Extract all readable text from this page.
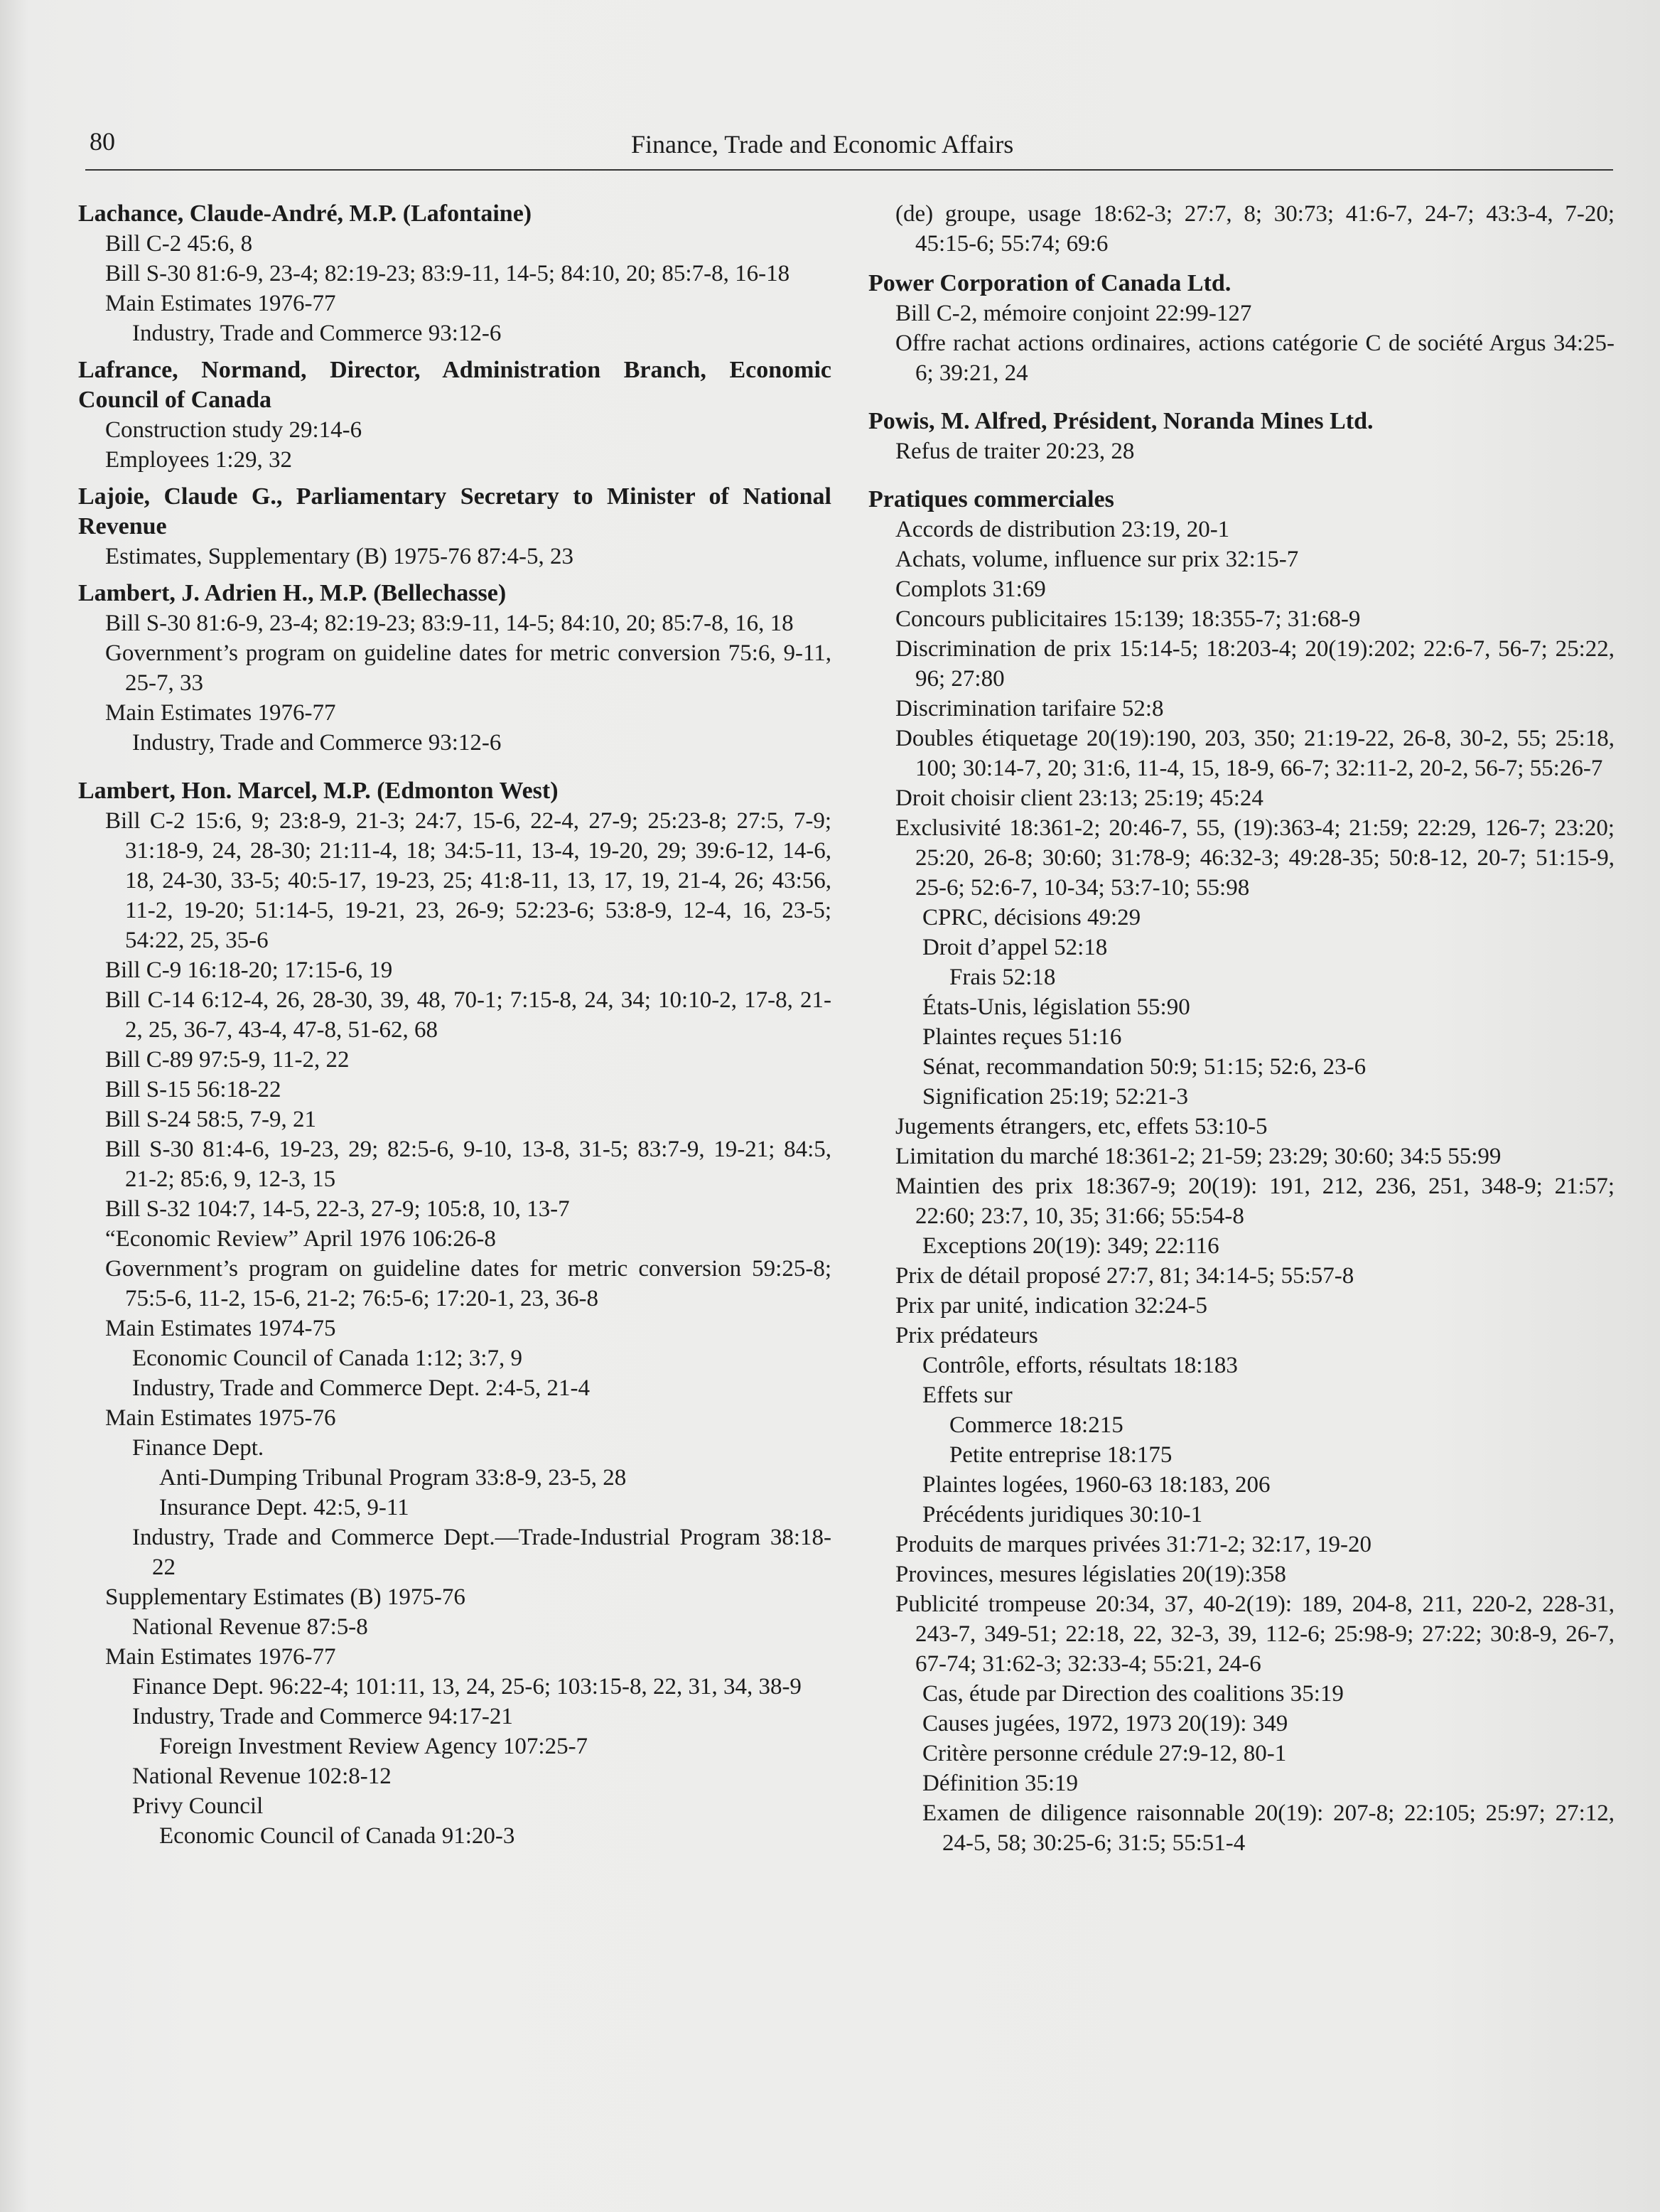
80	Finance, Trade and Economic Affairs
Lachance, Claude-André, M.P. (Lafontaine)
Bill C-2 45:6, 8
Bill S-30 81:6-9, 23-4; 82:19-23; 83:9-11, 14-5; 84:10, 20; 85:7-8, 16-18
Main Estimates 1976-77
Industry, Trade and Commerce 93:12-6
Lafrance, Normand, Director, Administration Branch, Economic Council of Canada
Construction study 29:14-6
Employees 1:29, 32
Lajoie, Claude G., Parliamentary Secretary to Minister of National Revenue
Estimates, Supplementary (B) 1975-76 87:4-5, 23
Lambert, J. Adrien H., M.P. (Bellechasse)
Bill S-30 81:6-9, 23-4; 82:19-23; 83:9-11, 14-5; 84:10, 20; 85:7-8, 16, 18
Government’s program on guideline dates for metric conversion 75:6, 9-11, 25-7, 33
Main Estimates 1976-77
Industry, Trade and Commerce 93:12-6
Lambert, Hon. Marcel, M.P. (Edmonton West)
Bill C-2 15:6, 9; 23:8-9, 21-3; 24:7, 15-6, 22-4, 27-9; 25:23-8; 27:5, 7-9; 31:18-9, 24, 28-30; 21:11-4, 18; 34:5-11, 13-4, 19-20, 29; 39:6-12, 14-6, 18, 24-30, 33-5; 40:5-17, 19-23, 25; 41:8-11, 13, 17, 19, 21-4, 26; 43:56, 11-2, 19-20; 51:14-5, 19-21, 23, 26-9; 52:23-6; 53:8-9, 12-4, 16, 23-5; 54:22, 25, 35-6
Bill C-9 16:18-20; 17:15-6, 19
Bill C-14 6:12-4, 26, 28-30, 39, 48, 70-1; 7:15-8, 24, 34; 10:10-2, 17-8, 21-2, 25, 36-7, 43-4, 47-8, 51-62, 68
Bill C-89 97:5-9, 11-2, 22
Bill S-15 56:18-22
Bill S-24 58:5, 7-9, 21
Bill S-30 81:4-6, 19-23, 29; 82:5-6, 9-10, 13-8, 31-5; 83:7-9, 19-21; 84:5, 21-2; 85:6, 9, 12-3, 15
Bill S-32 104:7, 14-5, 22-3, 27-9; 105:8, 10, 13-7
“Economic Review” April 1976 106:26-8
Government’s program on guideline dates for metric conversion 59:25-8; 75:5-6, 11-2, 15-6, 21-2; 76:5-6; 17:20-1, 23, 36-8
Main Estimates 1974-75
Economic Council of Canada 1:12; 3:7, 9
Industry, Trade and Commerce Dept. 2:4-5, 21-4
Main Estimates 1975-76
Finance Dept.
Anti-Dumping Tribunal Program 33:8-9, 23-5, 28
Insurance Dept. 42:5, 9-11
Industry, Trade and Commerce Dept.—Trade-Industrial Program 38:18-22
Supplementary Estimates (B) 1975-76
National Revenue 87:5-8
Main Estimates 1976-77
Finance Dept. 96:22-4; 101:11, 13, 24, 25-6; 103:15-8, 22, 31, 34, 38-9
Industry, Trade and Commerce 94:17-21
Foreign Investment Review Agency 107:25-7
National Revenue 102:8-12
Privy Council
Economic Council of Canada 91:20-3
(de) groupe, usage 18:62-3; 27:7, 8; 30:73; 41:6-7, 24-7; 43:3-4, 7-20; 45:15-6; 55:74; 69:6
Power Corporation of Canada Ltd.
Bill C-2, mémoire conjoint 22:99-127
Offre rachat actions ordinaires, actions catégorie C de société Argus 34:25-6; 39:21, 24
Powis, M. Alfred, Président, Noranda Mines Ltd.
Refus de traiter 20:23, 28
Pratiques commerciales
Accords de distribution 23:19, 20-1
Achats, volume, influence sur prix 32:15-7
Complots 31:69
Concours publicitaires 15:139; 18:355-7; 31:68-9
Discrimination de prix 15:14-5; 18:203-4; 20(19):202; 22:6-7, 56-7; 25:22, 96; 27:80
Discrimination tarifaire 52:8
Doubles étiquetage 20(19):190, 203, 350; 21:19-22, 26-8, 30-2, 55; 25:18, 100; 30:14-7, 20; 31:6, 11-4, 15, 18-9, 66-7; 32:11-2, 20-2, 56-7; 55:26-7
Droit choisir client 23:13; 25:19; 45:24
Exclusivité 18:361-2; 20:46-7, 55, (19):363-4; 21:59; 22:29, 126-7; 23:20; 25:20, 26-8; 30:60; 31:78-9; 46:32-3; 49:28-35; 50:8-12, 20-7; 51:15-9, 25-6; 52:6-7, 10-34; 53:7-10; 55:98
CPRC, décisions 49:29
Droit d’appel 52:18
Frais 52:18
États-Unis, législation 55:90
Plaintes reçues 51:16
Sénat, recommandation 50:9; 51:15; 52:6, 23-6
Signification 25:19; 52:21-3
Jugements étrangers, etc, effets 53:10-5
Limitation du marché 18:361-2; 21-59; 23:29; 30:60; 34:5 55:99
Maintien des prix 18:367-9; 20(19): 191, 212, 236, 251, 348-9; 21:57; 22:60; 23:7, 10, 35; 31:66; 55:54-8
Exceptions 20(19): 349; 22:116
Prix de détail proposé 27:7, 81; 34:14-5; 55:57-8
Prix par unité, indication 32:24-5
Prix prédateurs
Contrôle, efforts, résultats 18:183
Effets sur
Commerce 18:215
Petite entreprise 18:175
Plaintes logées, 1960-63 18:183, 206
Précédents juridiques 30:10-1
Produits de marques privées 31:71-2; 32:17, 19-20
Provinces, mesures législaties 20(19):358
Publicité trompeuse 20:34, 37, 40-2(19): 189, 204-8, 211, 220-2, 228-31, 243-7, 349-51; 22:18, 22, 32-3, 39, 112-6; 25:98-9; 27:22; 30:8-9, 26-7, 67-74; 31:62-3; 32:33-4; 55:21, 24-6
Cas, étude par Direction des coalitions 35:19
Causes jugées, 1972, 1973 20(19): 349
Critère personne crédule 27:9-12, 80-1
Définition 35:19
Examen de diligence raisonnable 20(19): 207-8; 22:105; 25:97; 27:12, 24-5, 58; 30:25-6; 31:5; 55:51-4
